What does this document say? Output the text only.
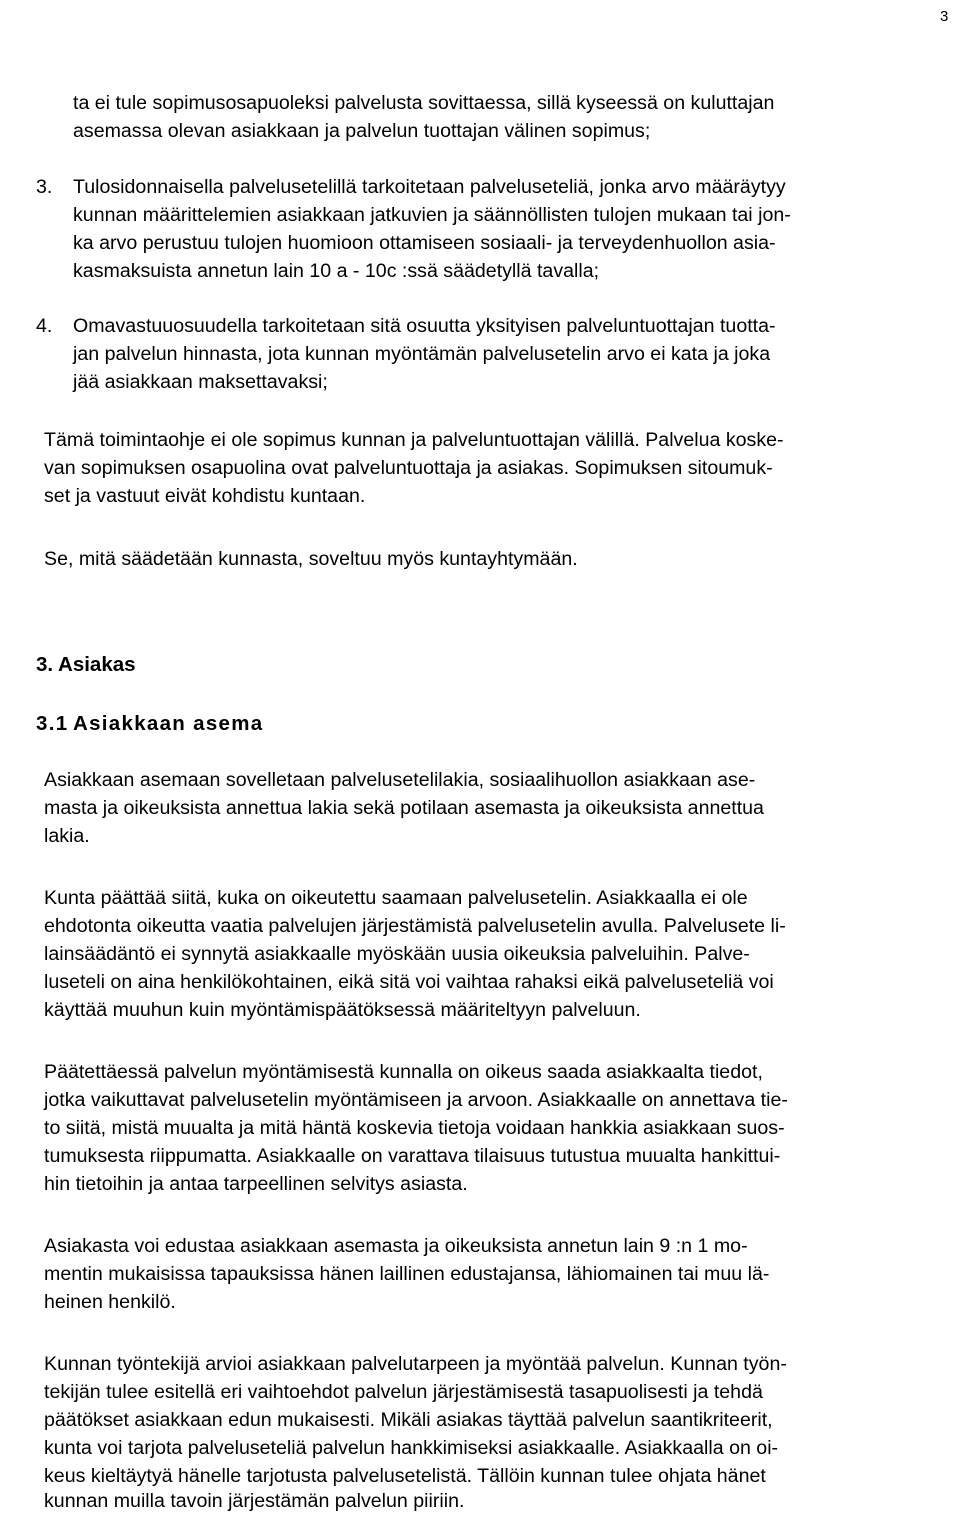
3
ta ei tule sopimusosapuoleksi palvelusta sovittaessa, sillä kyseessä on kuluttajan
asemassa olevan asiakkaan ja palvelun tuottajan välinen sopimus;
3. Tulosidonnaisella palvelusetelillä tarkoitetaan palveluseteliä, jonka arvo määräytyy
kunnan määrittelemien asiakkaan jatkuvien ja säännöllisten tulojen mukaan tai jon-
ka arvo perustuu tulojen huomioon ottamiseen sosiaali- ja terveydenhuollon asia-
kasmaksuista annetun lain 10 a - 10c :ssä säädetyllä tavalla;
4. Omavastuuosuudella tarkoitetaan sitä osuutta yksityisen palveluntuottajan tuotta-
jan palvelun hinnasta, jota kunnan myöntämän palvelusetelin arvo ei kata ja joka
jää asiakkaan maksettavaksi;
Tämä toimintaohje ei ole sopimus kunnan ja palveluntuottajan välillä. Palvelua koske-
van sopimuksen osapuolina ovat palveluntuottaja ja asiakas. Sopimuksen sitoumuk-
set ja vastuut eivät kohdistu kuntaan.
Se, mitä säädetään kunnasta, soveltuu myös kuntayhtymään.
3. Asiakas
3.1 Asiakkaan asema
Asiakkaan asemaan sovelletaan palvelusetelilakia, sosiaalihuollon asiakkaan ase-
masta ja oikeuksista annettua lakia sekä potilaan asemasta ja oikeuksista annettua
lakia.
Kunta päättää siitä, kuka on oikeutettu saamaan palvelusetelin. Asiakkaalla ei ole
ehdotonta oikeutta vaatia palvelujen järjestämistä palvelusetelin avulla. Palvelusete li-
lainsäädäntö ei synnytä asiakkaalle myöskään uusia oikeuksia palveluihin. Palve-
luseteli on aina henkilökohtainen, eikä sitä voi vaihtaa rahaksi eikä palveluseteliä voi
käyttää muuhun kuin myöntämispäätöksessä määriteltyyn palveluun.
Päätettäessä palvelun myöntämisestä kunnalla on oikeus saada asiakkaalta tiedot,
jotka vaikuttavat palvelusetelin myöntämiseen ja arvoon. Asiakkaalle on annettava tie-
to siitä, mistä muualta ja mitä häntä koskevia tietoja voidaan hankkia asiakkaan suos-
tumuksesta riippumatta. Asiakkaalle on varattava tilaisuus tutustua muualta hankittui-
hin tietoihin ja antaa tarpeellinen selvitys asiasta.
Asiakasta voi edustaa asiakkaan asemasta ja oikeuksista annetun lain 9 :n 1 mo-
mentin mukaisissa tapauksissa hänen laillinen edustajansa, lähiomainen tai muu lä-
heinen henkilö.
Kunnan työntekijä arvioi asiakkaan palvelutarpeen ja myöntää palvelun. Kunnan työn-
tekijän tulee esitellä eri vaihtoehdot palvelun järjestämisestä tasapuolisesti ja tehdä
päätökset asiakkaan edun mukaisesti. Mikäli asiakas täyttää palvelun saantikriteerit,
kunta voi tarjota palveluseteliä palvelun hankkimiseksi asiakkaalle. Asiakkaalla on oi-
keus kieltäytyä hänelle tarjotusta palvelusetelistä. Tällöin kunnan tulee ohjata hänet
kunnan muilla tavoin järjestämän palvelun piiriin.
